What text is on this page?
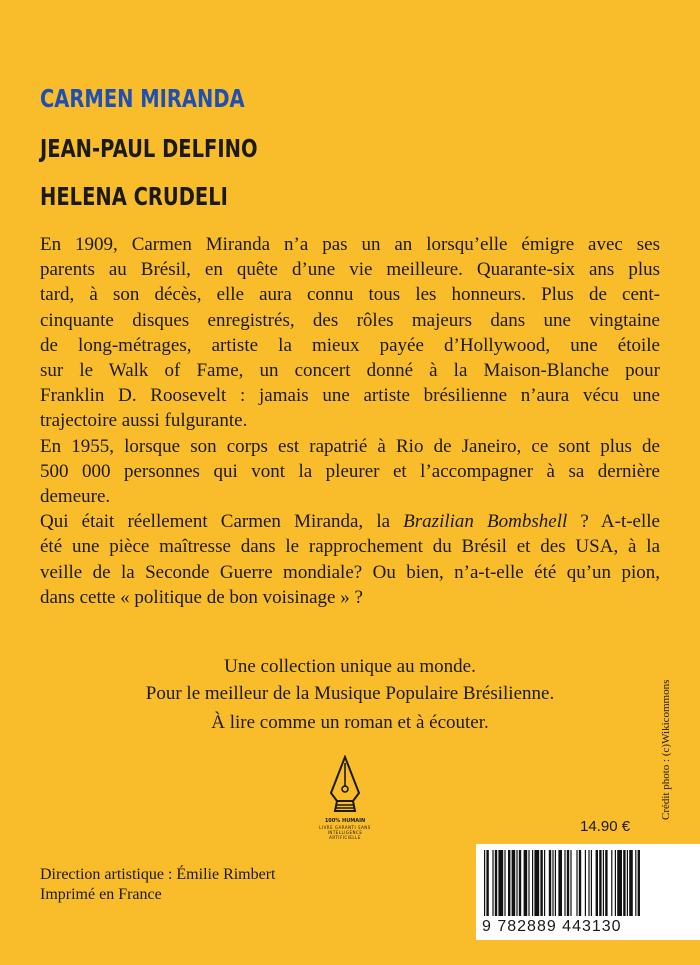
CARMEN MIRANDA
JEAN-PAUL DELFINO
HELENA CRUDELI

En 1909, Carmen Miranda n’a pas un an lorsqu’elle émigre avec ses
parents au Brésil, en quête d’une vie meilleure. Quarante-six ans plus
tard, à son décès, elle aura connu tous les honneurs. Plus de cent-
cinquante disques enregistrés, des rôles majeurs dans une vingtaine
de long-métrages, artiste la mieux payée d’Hollywood, une étoile
sur le Walk of Fame, un concert donné à la Maison-Blanche pour
Franklin D. Roosevelt : jamais une artiste brésilienne n’aura vécu une
trajectoire aussi fulgurante.

En 1955, lorsque son corps est rapatrié à Rio de Janeiro, ce sont plus de
500 000 personnes qui vont la pleurer et l’accompagner à sa dernière
demeure.

Qui était réellement Carmen Miranda, la Brazilian Bombshell ? A-t-elle
été une pièce maîtresse dans le rapprochement du Brésil et des USA, à la
veille de la Seconde Guerre mondiale? Ou bien, n’a-t-elle été qu’un pion,
dans cette « politique de bon voisinage » ?

Une collection unique au monde.
Pour le meilleur de la Musique Populaire Brésilienne.
À lire comme un roman et à écouter.	Crédit photo : (c)Wikicommons
100% HUMAIN
LIVRE GARANTI SANS
INTELLIGENCE
ARTIFICIELLE
14.90 €
9 782889 443130
Direction artistique : Émilie Rimbert
Imprimé en France
